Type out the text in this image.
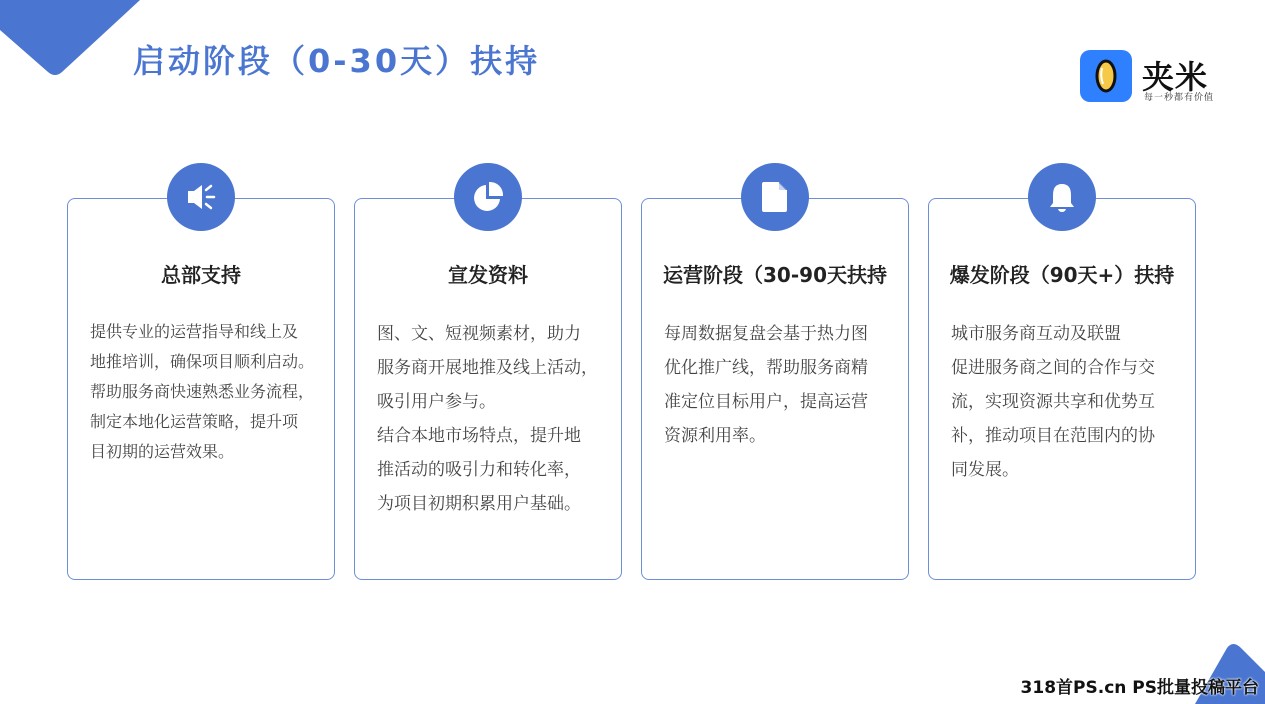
启动阶段（0-30天）扶持	夹米
每一秒都有价值
总部支持

提供专业的运营指导和线上及

地推培训，确保项目顺利启动。

帮助服务商快速熟悉业务流程，

制定本地化运营策略，提升项

目初期的运营效果。

宣发资料

图、文、短视频素材，助力

服务商开展地推及线上活动，

吸引用户参与。

结合本地市场特点，提升地

推活动的吸引力和转化率，

为项目初期积累用户基础。

运营阶段（30-90天扶持

每周数据复盘会基于热力图

优化推广线，帮助服务商精

准定位目标用户，提高运营

资源利用率。

爆发阶段（90天+）扶持

城市服务商互动及联盟

促进服务商之间的合作与交

流，实现资源共享和优势互

补，推动项目在范围内的协

同发展。

318首PS.cn PS批量投稿平台
